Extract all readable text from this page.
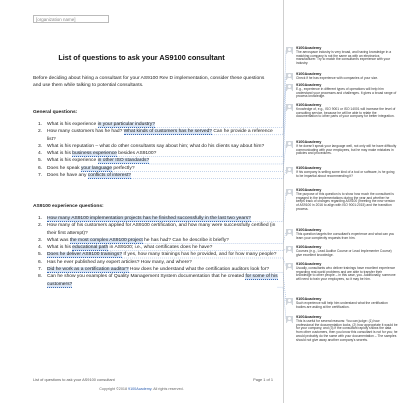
[organization name]
List of questions to ask your AS9100 consultant
Before deciding about hiring a consultant for your AS9100 Rev D implementation, consider these questions and use them while talking to potential consultants.
General questions:
1.	What is his experience in your particular industry?
2.	How many customers has he had? What kinds of customers has he served? Can he provide a reference list?
3.	What is his reputation – what do other consultants say about him; what do his clients say about him?
4.	What is his business experience besides AS9100?
5.	What is his experience in other ISO standards?
6.	Does he speak your language perfectly?
7.	Does he have any conflicts of interest?
AS9100 experience questions:
1.	How many AS9100 implementation projects has he finished successfully in the last two years?
2.	How many of his customers applied for AS9100 certification, and how many were successfully certified (in their first attempt)?
3.	What was the most complex AS9100 project he has had? Can he describe it briefly?
4.	What is his educational path in AS9100; i.e., what certificates does he have?
5.	Does he deliver AS9100 trainings? If yes, how many trainings has he provided, and for how many people?
6.	Has he ever published any expert articles? How many, and where?
7.	Did he work as a certification auditor? How does he understand what the certification auditors look for?
8.	Can he show you examples of Quality Management System documentation that he created for some of his customers?
List of questions to ask your AS9100 consultant	Page 1 of 1
Copyright ©2018 9100Academy. All rights reserved.
9100Academy
The aerospace industry is very broad, and having knowledge in a matching company is not the same as with an electronics manufacturer. Try to match the consultant's experience with your industry.
9100Academy
Check if he has experience with companies of your size.
9100Academy
E.g., experience in different types of operations will help him understand your processes and challenges. It gives a broad range of process knowledge.
9100Academy
Knowledge of, e.g., ISO 9001 or ISO 14001 will increase the level of consulting service, because he will be able to relate the documentation to other parts of your company for better integration.
9100Academy
If he doesn't speak your language well, not only will he have difficulty communicating with your employees, but he may make mistakes in policies and procedures.
9100Academy
If his company is selling some kind of a tool or software, is he going to be impartial about recommending it?
9100Academy
The purpose of this question is to show how much the consultant is engaged in the implementations during the year and whether he keeps track of changes regarding AS9100 (meeting the new version of AS9100 in 2016 to align with ISO 9001:2015) and the transition process.
9100Academy
This question targets the consultant's experience and what can you learn your complexity requests from him.
9100Academy
Courses (e.g., Lead Auditor Course or Lead Implementer Course) give excellent knowledge.
9100Academy
Usually, consultants who deliver trainings have excellent experience regarding real-world problems and are able to transfer their knowledge to other people – in this case, you. Additionally, someone will need to train your employees, so it may be him.
9100Academy
Such experience will help him understand what the certification bodies are asking at the certification.
9100Academy
This is useful for several reasons: You can judge: (1) how professional the documentation looks, (2) how appropriate it would be for your company, and (3) if the consultant rapidly shows the data from other customers, then you know this consultant is not for you; he would probably do the same with your documentation – The samples should not give away another company's secrets.
